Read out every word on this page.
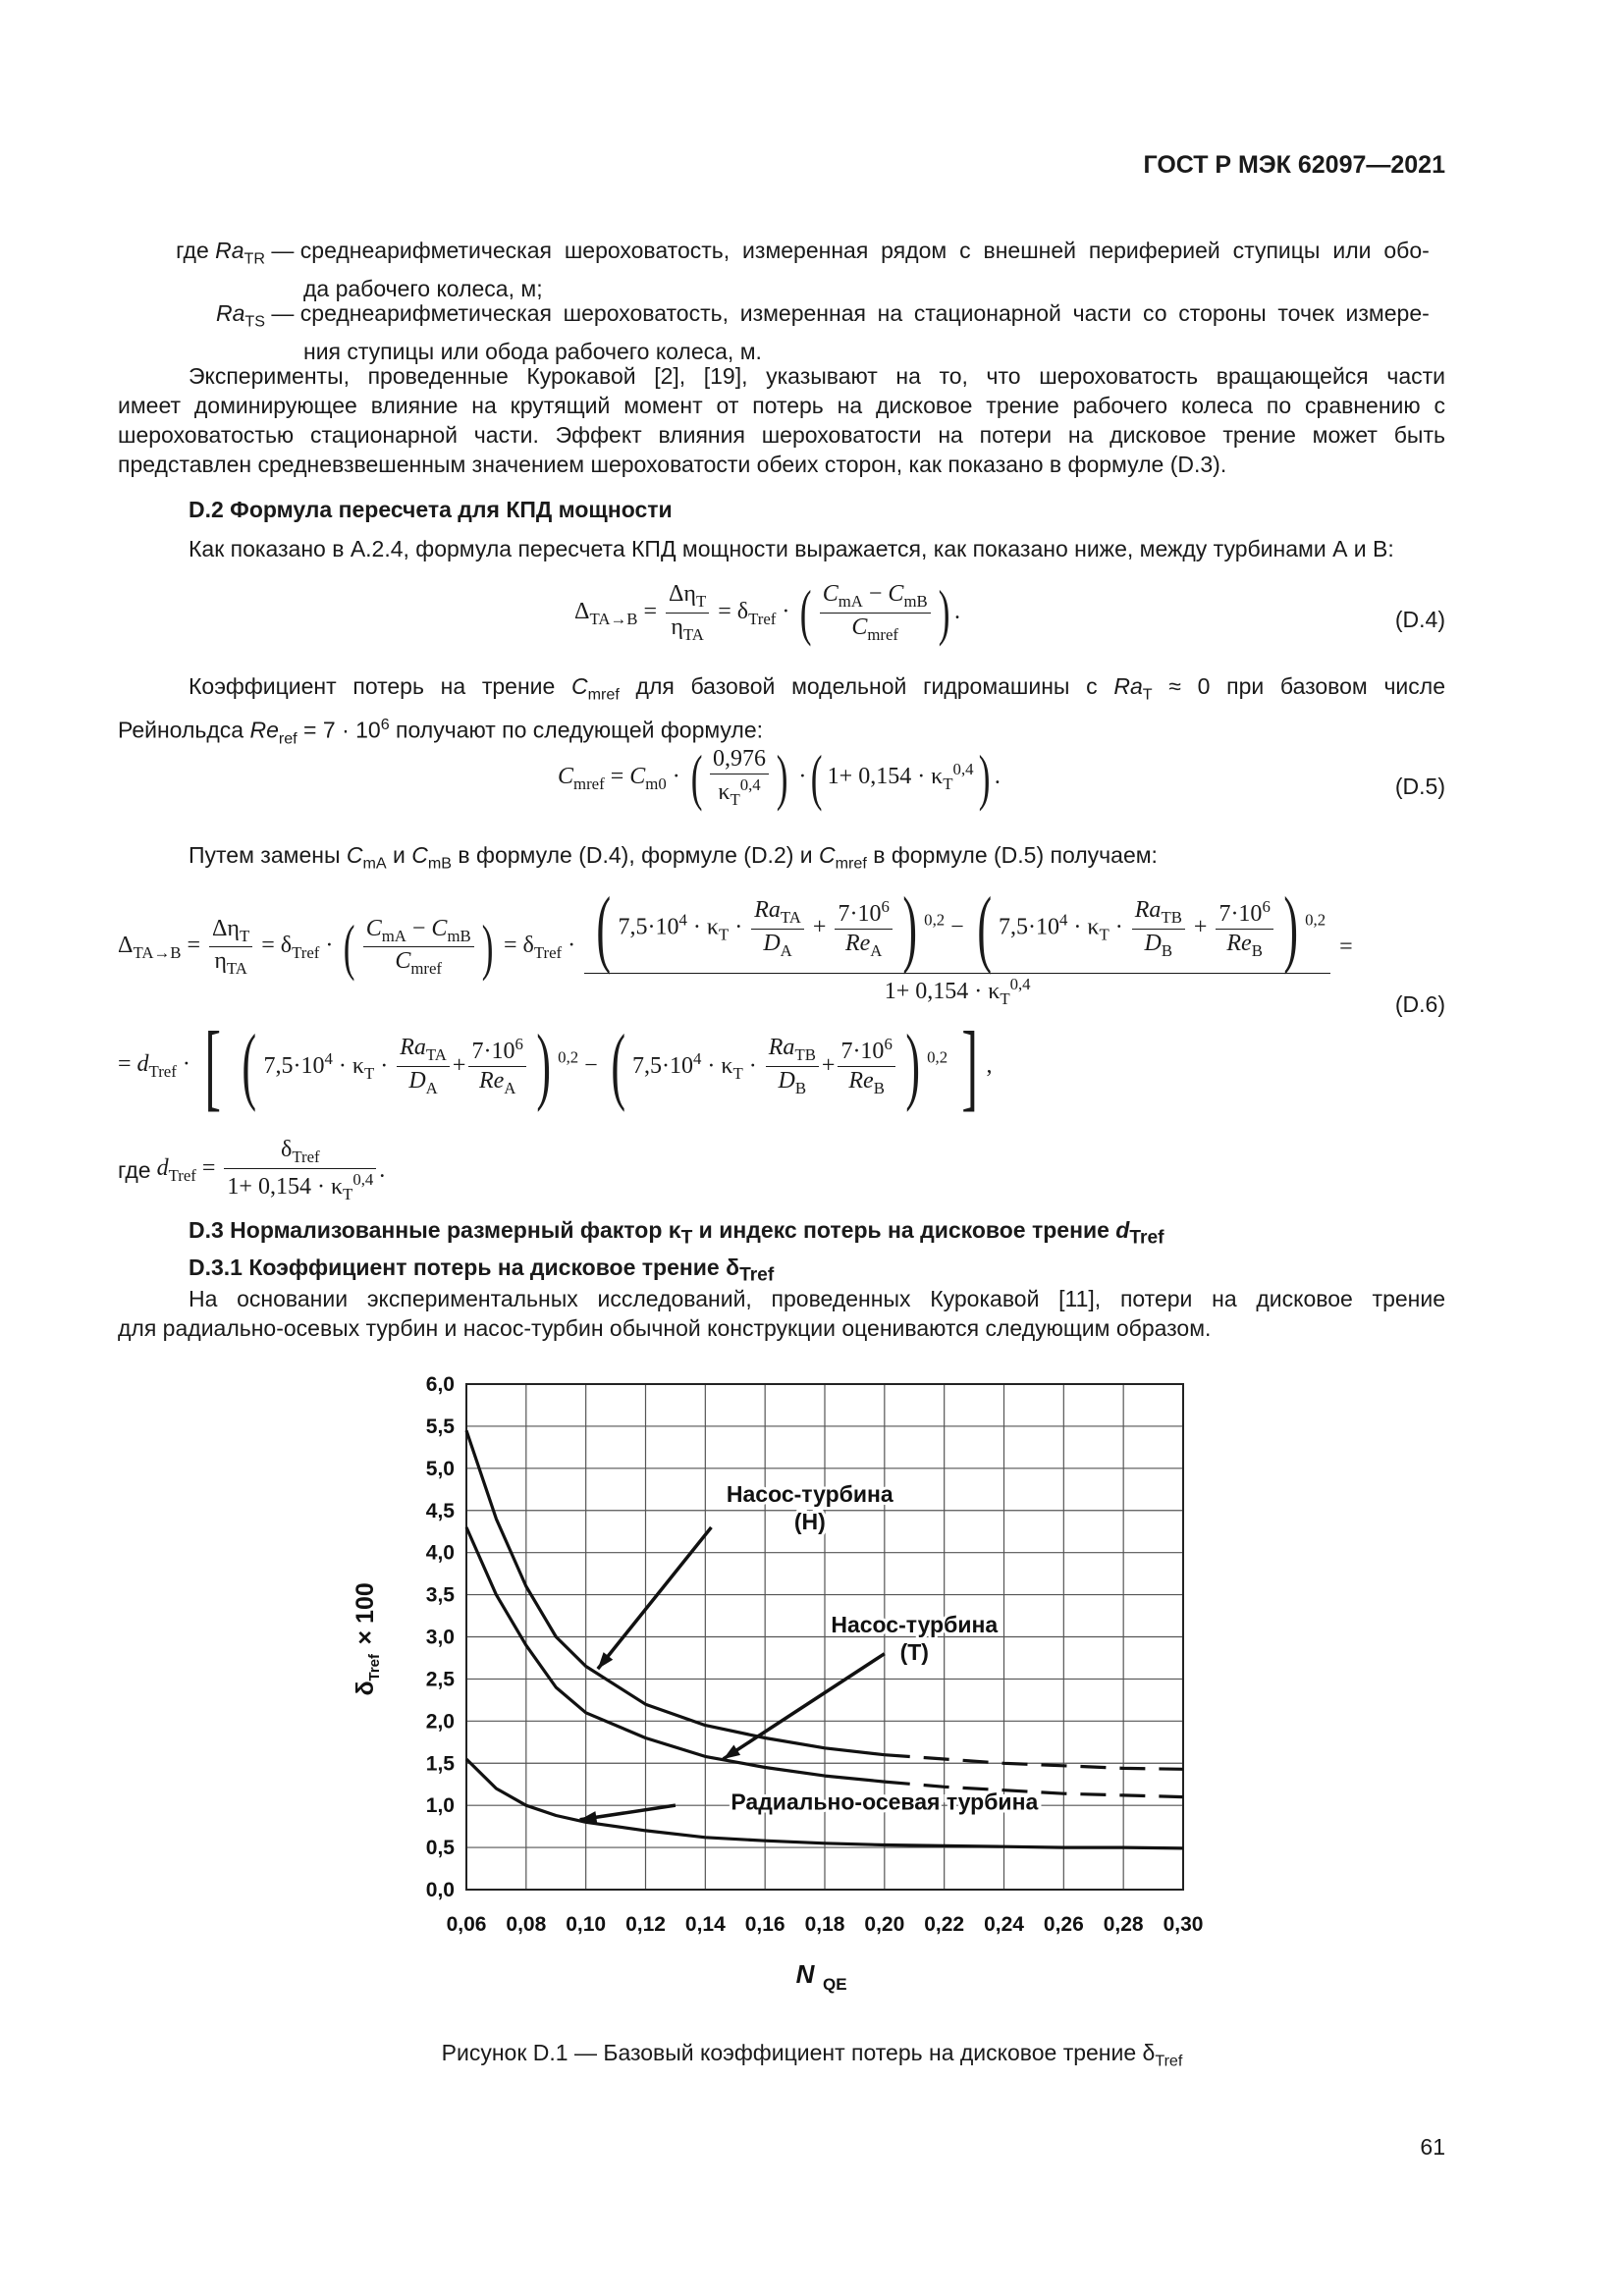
ГОСТ Р МЭК 62097—2021
где $Ra_{TR}$ — среднеарифметическая шероховатость, измеренная рядом с внешней периферией ступицы или обо-
да рабочего колеса, м;
$Ra_{TS}$ — среднеарифметическая шероховатость, измеренная на стационарной части со стороны точек измере-
ния ступицы или обода рабочего колеса, м.
Эксперименты, проведенные Курокавой [2], [19], указывают на то, что шероховатость вращающейся части
имеет доминирующее влияние на крутящий момент от потерь на дисковое трение рабочего колеса по сравнению с
шероховатостью стационарной части. Эффект влияния шероховатости на потери на дисковое трение может быть
представлен средневзвешенным значением шероховатости обеих сторон, как показано в формуле (D.3).
D.2 Формула пересчета для КПД мощности
Как показано в А.2.4, формула пересчета КПД мощности выражается, как показано ниже, между турбинами А и B:
$\Delta_{TA\to B} = \frac{\Delta\eta_T}{\eta_{TA}} = \delta_{Tref}$ · ( $\frac{C_{mA} - C_{mB}}{C_{mref}}$ ) .	(D.4)
Коэффициент потерь на трение $C_{mref}$ для базовой модельной гидромашины с $Ra_T \approx 0$ при базовом числе
Рейнольдса $Re_{ref} = 7 \cdot 10^6$ получают по следующей формуле:
$C_{mref} = C_{m0}$ · ( $\frac{0,976}{\kappa_T^{0,4}}$ ) ·( $1+ 0,154 \cdot \kappa_T^{0,4}$) .	(D.5)
Путем замены $C_{mA}$ и $C_{mB}$ в формуле (D.4), формуле (D.2) и $C_{mref}$ в формуле (D.5) получаем:
$\Delta_{TA\to B} = \frac{\Delta\eta_T}{\eta_{TA}} = \delta_{Tref}$ · ( $\frac{C_{mA} - C_{mB}}{C_{mref}}$ ) = $\delta_{Tref}$ · ( $7,5\cdot 10^4 \cdot \kappa_T \cdot \frac{Ra_{TA}}{D_A} + \frac{7\cdot 10^6}{Re_A}$ ) $^{0,2}$ − ( $7,5\cdot 10^4 \cdot \kappa_T \cdot \frac{Ra_{TB}}{D_B} + \frac{7\cdot 10^6}{Re_B}$ ) $^{0,2}$
$1+ 0,154 \cdot \kappa_T^{0,4}$
=
(D.6)
= $d_{Tref}$ · [ ( $7,5\cdot 10^4 \cdot \kappa_T \cdot \frac{Ra_{TA}}{D_A} + \frac{7\cdot 10^6}{Re_A}$ ) $^{0,2}$ − ( $7,5\cdot 10^4 \cdot \kappa_T \cdot \frac{Ra_{TB}}{D_B} + \frac{7\cdot 10^6}{Re_B}$ ) $^{0,2}$ ] ,
где $d_{Tref} = \frac{\delta_{Tref}}{1+ 0,154 \cdot \kappa_T^{0,4}}$ .
D.3 Нормализованные размерный фактор $\kappa_T$ и индекс потерь на дисковое трение $d_{Tref}$
D.3.1 Коэффициент потерь на дисковое трение $\delta_{Tref}$
На основании экспериментальных исследований, проведенных Курокавой [11], потери на дисковое трение
для радиально-осевых турбин и насос-турбин обычной конструкции оцениваются следующим образом.
0,06 0,08 0,10 0,12 0,14 0,16 0,18 0,20 0,22 0,24 0,26 0,28 0,30
0,0
0,5
1,0
1,5
2,0
2,5
3,0
3,5
4,0
4,5
5,0
5,5
6,0
Насос-турбина
(Н)
Насос-турбина
(Т)
Радиально-осевая турбина
N QE
δ
Tref
× 100
Рисунок D.1 — Базовый коэффициент потерь на дисковое трение $\delta_{Tref}$
61
